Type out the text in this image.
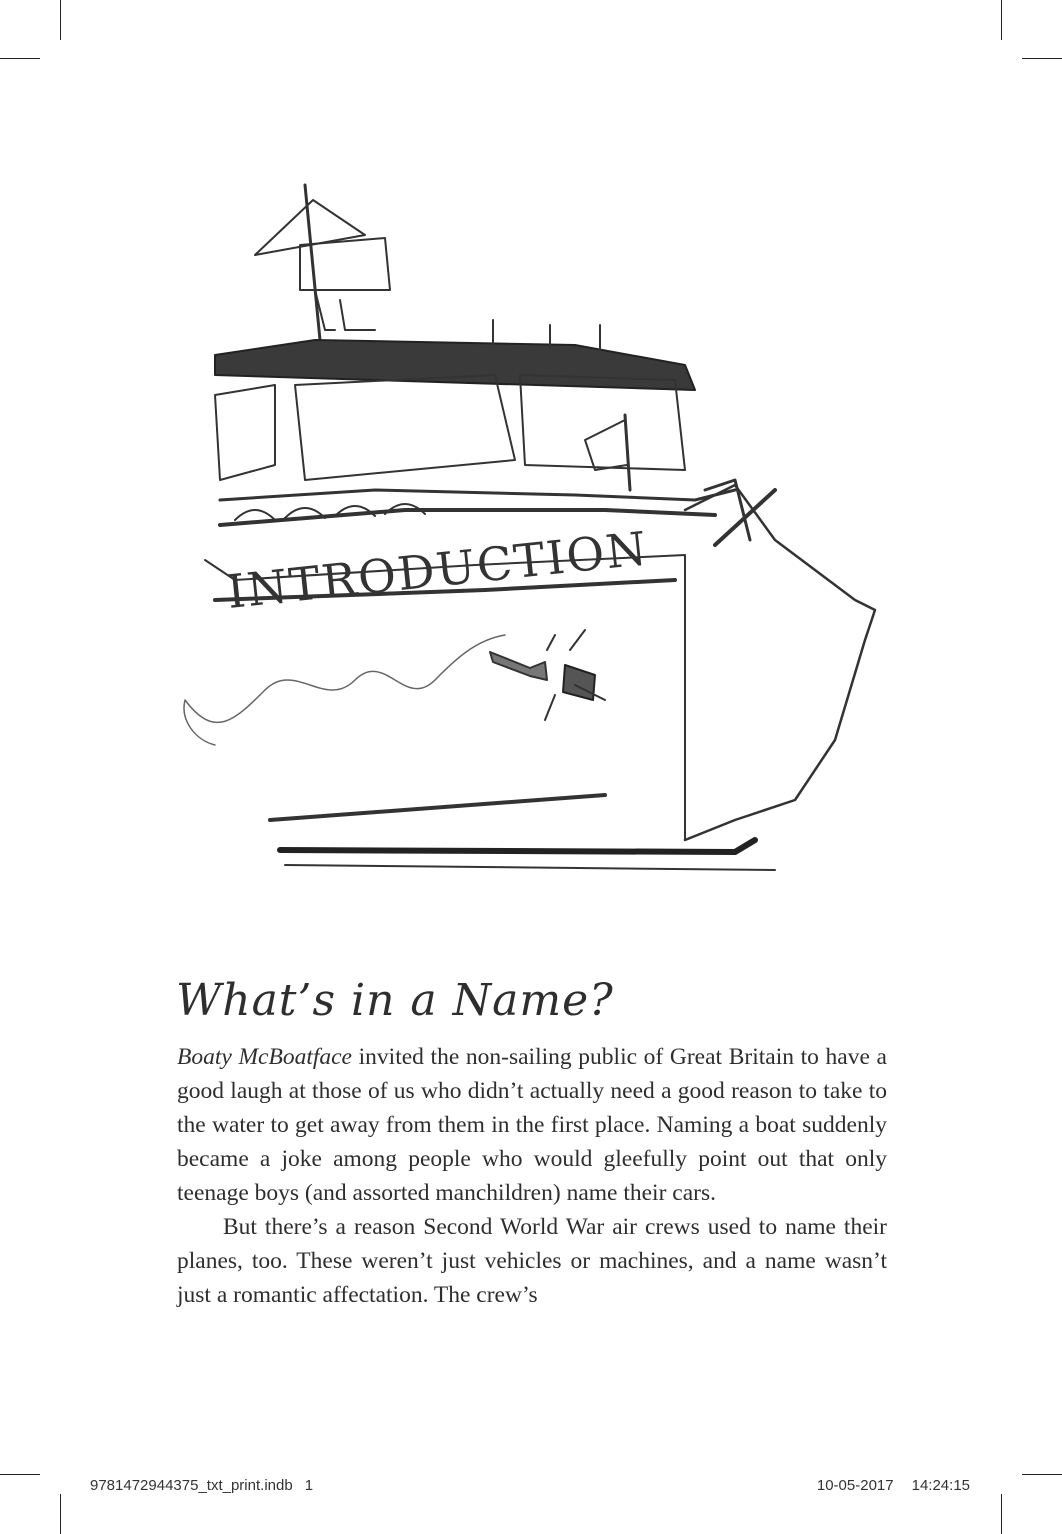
INTRODUCTION
What’s in a Name?

Boaty McBoatface invited the non-sailing public of Great Britain to have a good laugh at those of us who didn’t actually need a good reason to take to the water to get away from them in the first place. Naming a boat suddenly became a joke among people who would gleefully point out that only teenage boys (and assorted manchildren) name their cars.

But there’s a reason Second World War air crews used to name their planes, too. These weren’t just vehicles or machines, and a name wasn’t just a romantic affectation. The crew’s

9781472944375_txt_print.indb 1	10-05-2017 14:24:15
